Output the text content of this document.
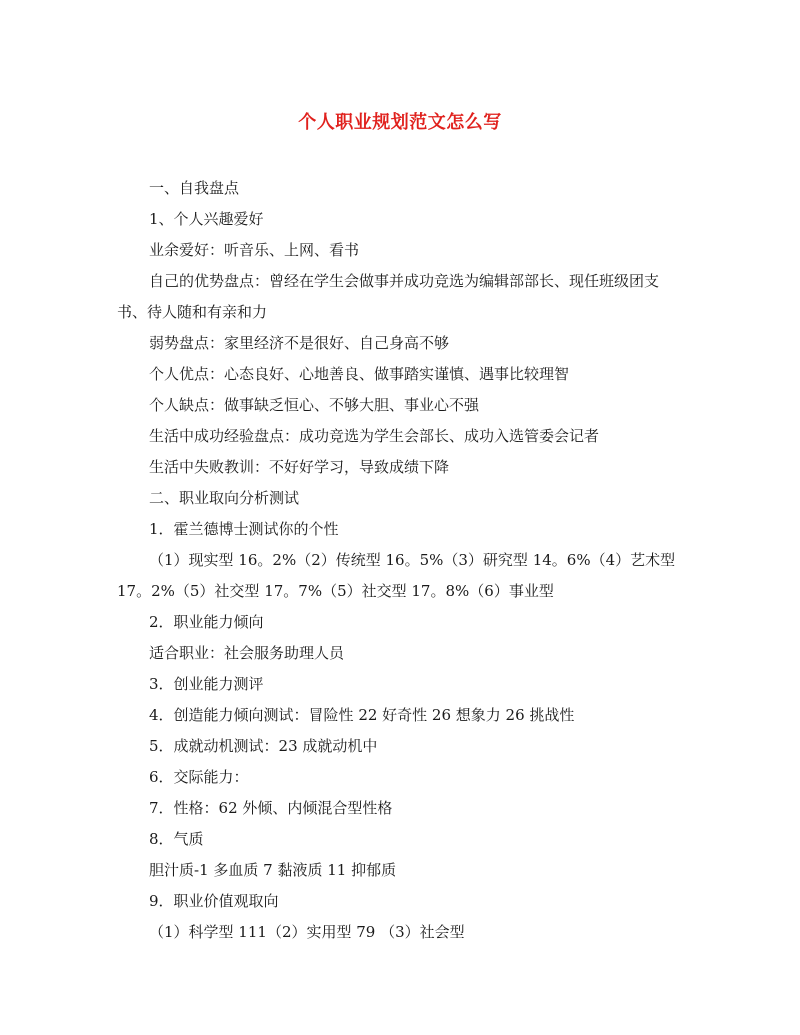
个人职业规划范文怎么写

一、自我盘点

1、个人兴趣爱好

业余爱好：听音乐、上网、看书

自己的优势盘点：曾经在学生会做事并成功竞选为编辑部部长、现任班级团支书、待人随和有亲和力

弱势盘点：家里经济不是很好、自己身高不够

个人优点：心态良好、心地善良、做事踏实谨慎、遇事比较理智

个人缺点：做事缺乏恒心、不够大胆、事业心不强

生活中成功经验盘点：成功竞选为学生会部长、成功入选管委会记者

生活中失败教训：不好好学习，导致成绩下降

二、职业取向分析测试

1．霍兰德博士测试你的个性

（1）现实型 16。2%（2）传统型 16。5%（3）研究型 14。6%（4）艺术型 17。2%（5）社交型 17。7%（5）社交型 17。8%（6）事业型

2．职业能力倾向

适合职业：社会服务助理人员

3．创业能力测评

4．创造能力倾向测试：冒险性 22 好奇性 26 想象力 26 挑战性

5．成就动机测试：23 成就动机中

6．交际能力：

7．性格：62 外倾、内倾混合型性格

8．气质

胆汁质-1 多血质 7 黏液质 11 抑郁质

9．职业价值观取向

（1）科学型 111（2）实用型 79 （3）社会型
